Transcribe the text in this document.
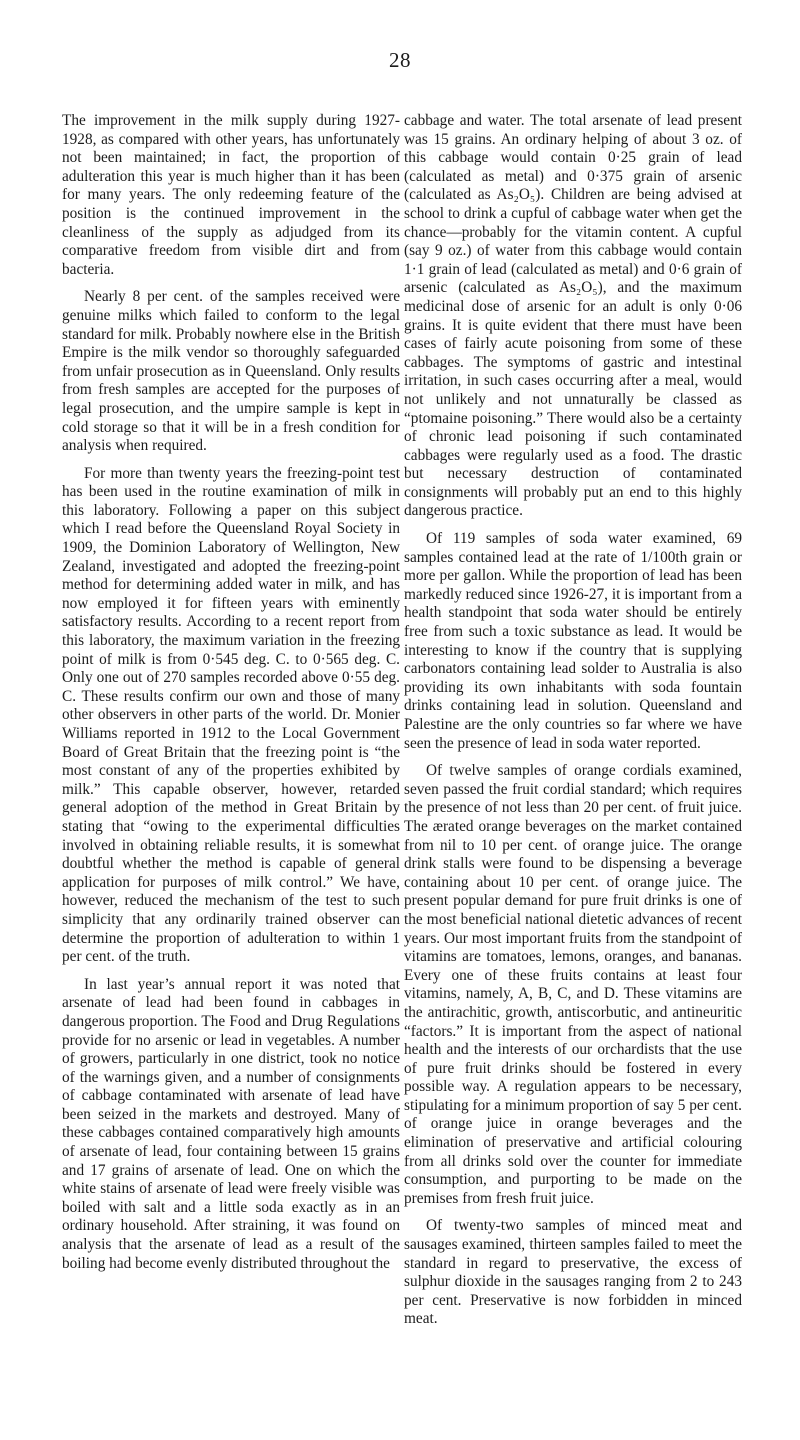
28

The improvement in the milk supply during 1927-1928, as compared with other years, has unfortunately not been maintained; in fact, the proportion of adulteration this year is much higher than it has been for many years. The only redeeming feature of the position is the continued improvement in the cleanliness of the supply as adjudged from its comparative freedom from visible dirt and from bacteria.

Nearly 8 per cent. of the samples received were genuine milks which failed to conform to the legal standard for milk. Probably nowhere else in the British Empire is the milk vendor so thoroughly safeguarded from unfair prosecution as in Queensland. Only results from fresh samples are accepted for the purposes of legal prosecution, and the umpire sample is kept in cold storage so that it will be in a fresh condition for analysis when required.

For more than twenty years the freezing-point test has been used in the routine examination of milk in this laboratory. Following a paper on this subject which I read before the Queensland Royal Society in 1909, the Dominion Laboratory of Wellington, New Zealand, investigated and adopted the freezing-point method for determining added water in milk, and has now employed it for fifteen years with eminently satisfactory results. According to a recent report from this laboratory, the maximum variation in the freezing point of milk is from 0·545 deg. C. to 0·565 deg. C. Only one out of 270 samples recorded above 0·55 deg. C. These results confirm our own and those of many other observers in other parts of the world. Dr. Monier Williams reported in 1912 to the Local Government Board of Great Britain that the freezing point is “the most constant of any of the properties exhibited by milk.” This capable observer, however, retarded general adoption of the method in Great Britain by stating that “owing to the experimental difficulties involved in obtaining reliable results, it is somewhat doubtful whether the method is capable of general application for purposes of milk control.” We have, however, reduced the mechanism of the test to such simplicity that any ordinarily trained observer can determine the proportion of adulteration to within 1 per cent. of the truth.

In last year’s annual report it was noted that arsenate of lead had been found in cabbages in dangerous proportion. The Food and Drug Regulations provide for no arsenic or lead in vegetables. A number of growers, particularly in one district, took no notice of the warnings given, and a number of consignments of cabbage contaminated with arsenate of lead have been seized in the markets and destroyed. Many of these cabbages contained comparatively high amounts of arsenate of lead, four containing between 15 grains and 17 grains of arsenate of lead. One on which the white stains of arsenate of lead were freely visible was boiled with salt and a little soda exactly as in an ordinary household. After straining, it was found on analysis that the arsenate of lead as a result of the boiling had become evenly distributed throughout the

cabbage and water. The total arsenate of lead present was 15 grains. An ordinary helping of about 3 oz. of this cabbage would contain 0·25 grain of lead (calculated as metal) and 0·375 grain of arsenic (calculated as As₂O₅). Children are being advised at school to drink a cupful of cabbage water when get the chance—probably for the vitamin content. A cupful (say 9 oz.) of water from this cabbage would contain 1·1 grain of lead (calculated as metal) and 0·6 grain of arsenic (calculated as As₂O₅), and the maximum medicinal dose of arsenic for an adult is only 0·06 grains. It is quite evident that there must have been cases of fairly acute poisoning from some of these cabbages. The symptoms of gastric and intestinal irritation, in such cases occurring after a meal, would not unlikely and not unnaturally be classed as “ptomaine poisoning.” There would also be a certainty of chronic lead poisoning if such contaminated cabbages were regularly used as a food. The drastic but necessary destruction of contaminated consignments will probably put an end to this highly dangerous practice.

Of 119 samples of soda water examined, 69 samples contained lead at the rate of 1/100th grain or more per gallon. While the proportion of lead has been markedly reduced since 1926-27, it is important from a health standpoint that soda water should be entirely free from such a toxic substance as lead. It would be interesting to know if the country that is supplying carbonators containing lead solder to Australia is also providing its own inhabitants with soda fountain drinks containing lead in solution. Queensland and Palestine are the only countries so far where we have seen the presence of lead in soda water reported.

Of twelve samples of orange cordials examined, seven passed the fruit cordial standard; which requires the presence of not less than 20 per cent. of fruit juice. The ærated orange beverages on the market contained from nil to 10 per cent. of orange juice. The orange drink stalls were found to be dispensing a beverage containing about 10 per cent. of orange juice. The present popular demand for pure fruit drinks is one of the most beneficial national dietetic advances of recent years. Our most important fruits from the standpoint of vitamins are tomatoes, lemons, oranges, and bananas. Every one of these fruits contains at least four vitamins, namely, A, B, C, and D. These vitamins are the antirachitic, growth, antiscorbutic, and antineuritic “factors.” It is important from the aspect of national health and the interests of our orchardists that the use of pure fruit drinks should be fostered in every possible way. A regulation appears to be necessary, stipulating for a minimum proportion of say 5 per cent. of orange juice in orange beverages and the elimination of preservative and artificial colouring from all drinks sold over the counter for immediate consumption, and purporting to be made on the premises from fresh fruit juice.

Of twenty-two samples of minced meat and sausages examined, thirteen samples failed to meet the standard in regard to preservative, the excess of sulphur dioxide in the sausages ranging from 2 to 243 per cent. Preservative is now forbidden in minced meat.
